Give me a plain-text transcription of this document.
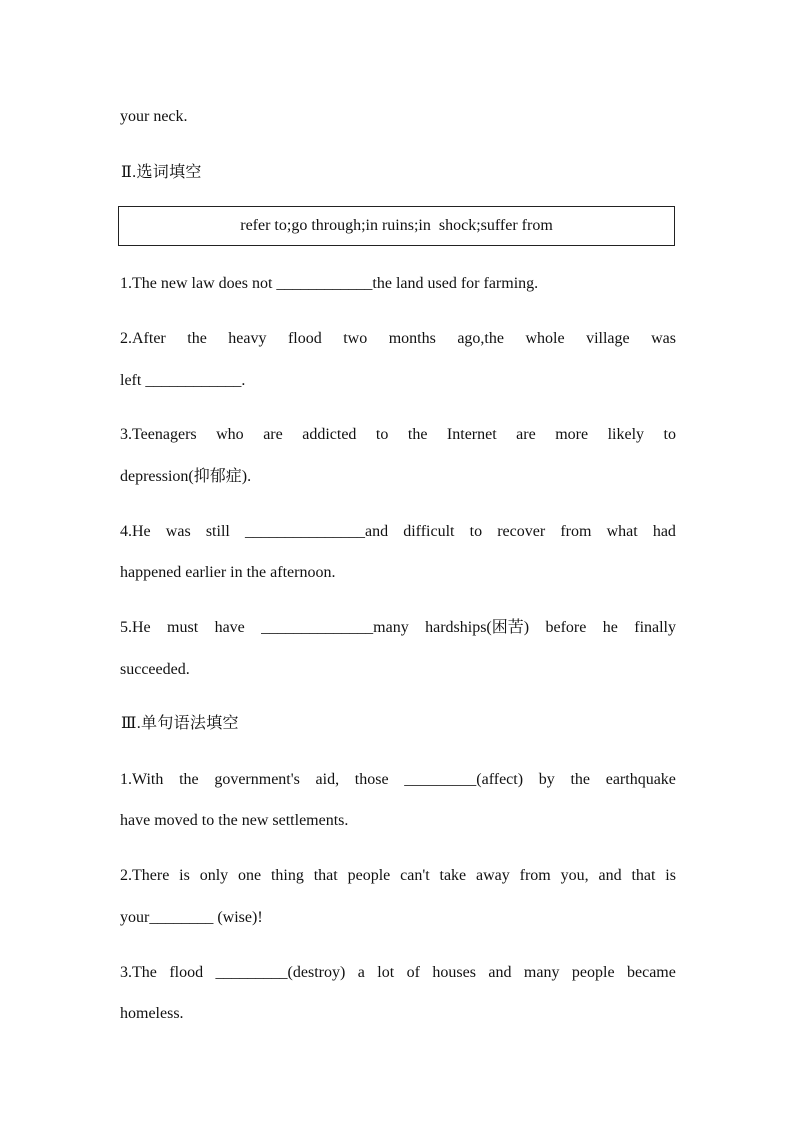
your neck.
Ⅱ.选词填空
refer to;go through;in ruins;in  shock;suffer from
1.The new law does not ____________the land used for farming.
2.After the heavy flood two months ago,the whole village was
left ____________.
3.Teenagers who are addicted to the Internet are more likely to
depression(抑郁症).
4.He was still _______________and difficult to recover from what had
happened earlier in the afternoon.
5.He must have ______________many hardships(困苦) before he finally
succeeded.
Ⅲ.单句语法填空
1.With the government's aid, those _________(affect) by the earthquake
have moved to the new settlements.
2.There is only one thing that people can't take away from you, and that is
your________ (wise)!
3.The flood _________(destroy) a lot of houses and many people became
homeless.
